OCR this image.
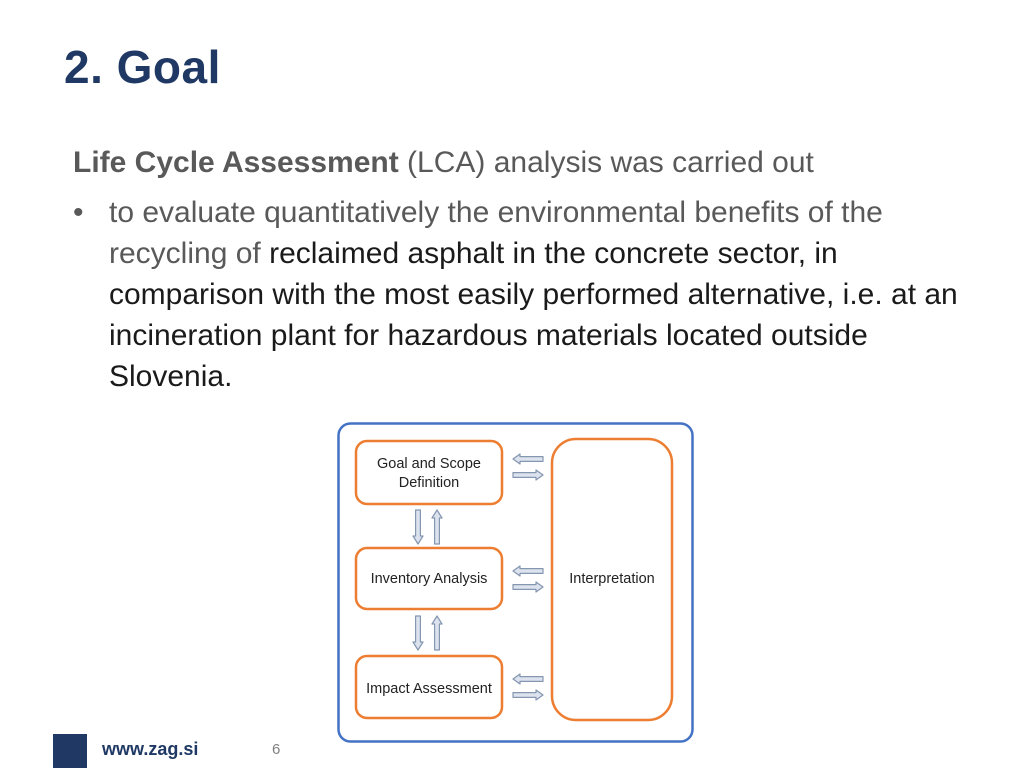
2. Goal

Life Cycle Assessment (LCA) analysis was carried out

• to evaluate quantitatively the environmental benefits of the recycling of reclaimed asphalt in the concrete sector, in comparison with the most easily performed alternative, i.e. at an incineration plant for hazardous materials located outside Slovenia.
Goal and Scope
Definition
Inventory Analysis
Impact Assessment
Interpretation
www.zag.si	6
